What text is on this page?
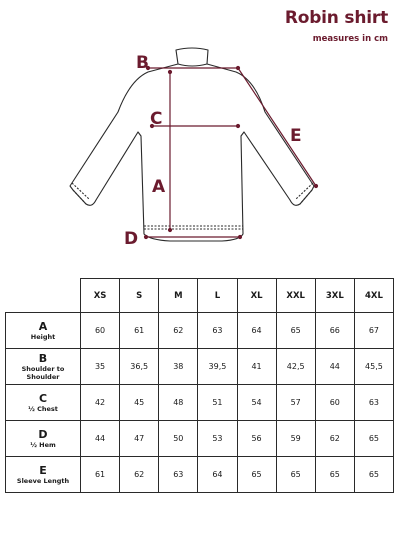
Robin shirt
measures in cm
B
C
A
D
E
	XS	S	M	L	XL	XXL	3XL	4XL

A
Height	60	61	62	63	64	65	66	67

B
Shoulder to Shoulder	35	36,5	38	39,5	41	42,5	44	45,5

C
½ Chest	42	45	48	51	54	57	60	63

D
½ Hem	44	47	50	53	56	59	62	65

E
Sleeve Length	61	62	63	64	65	65	65	65
